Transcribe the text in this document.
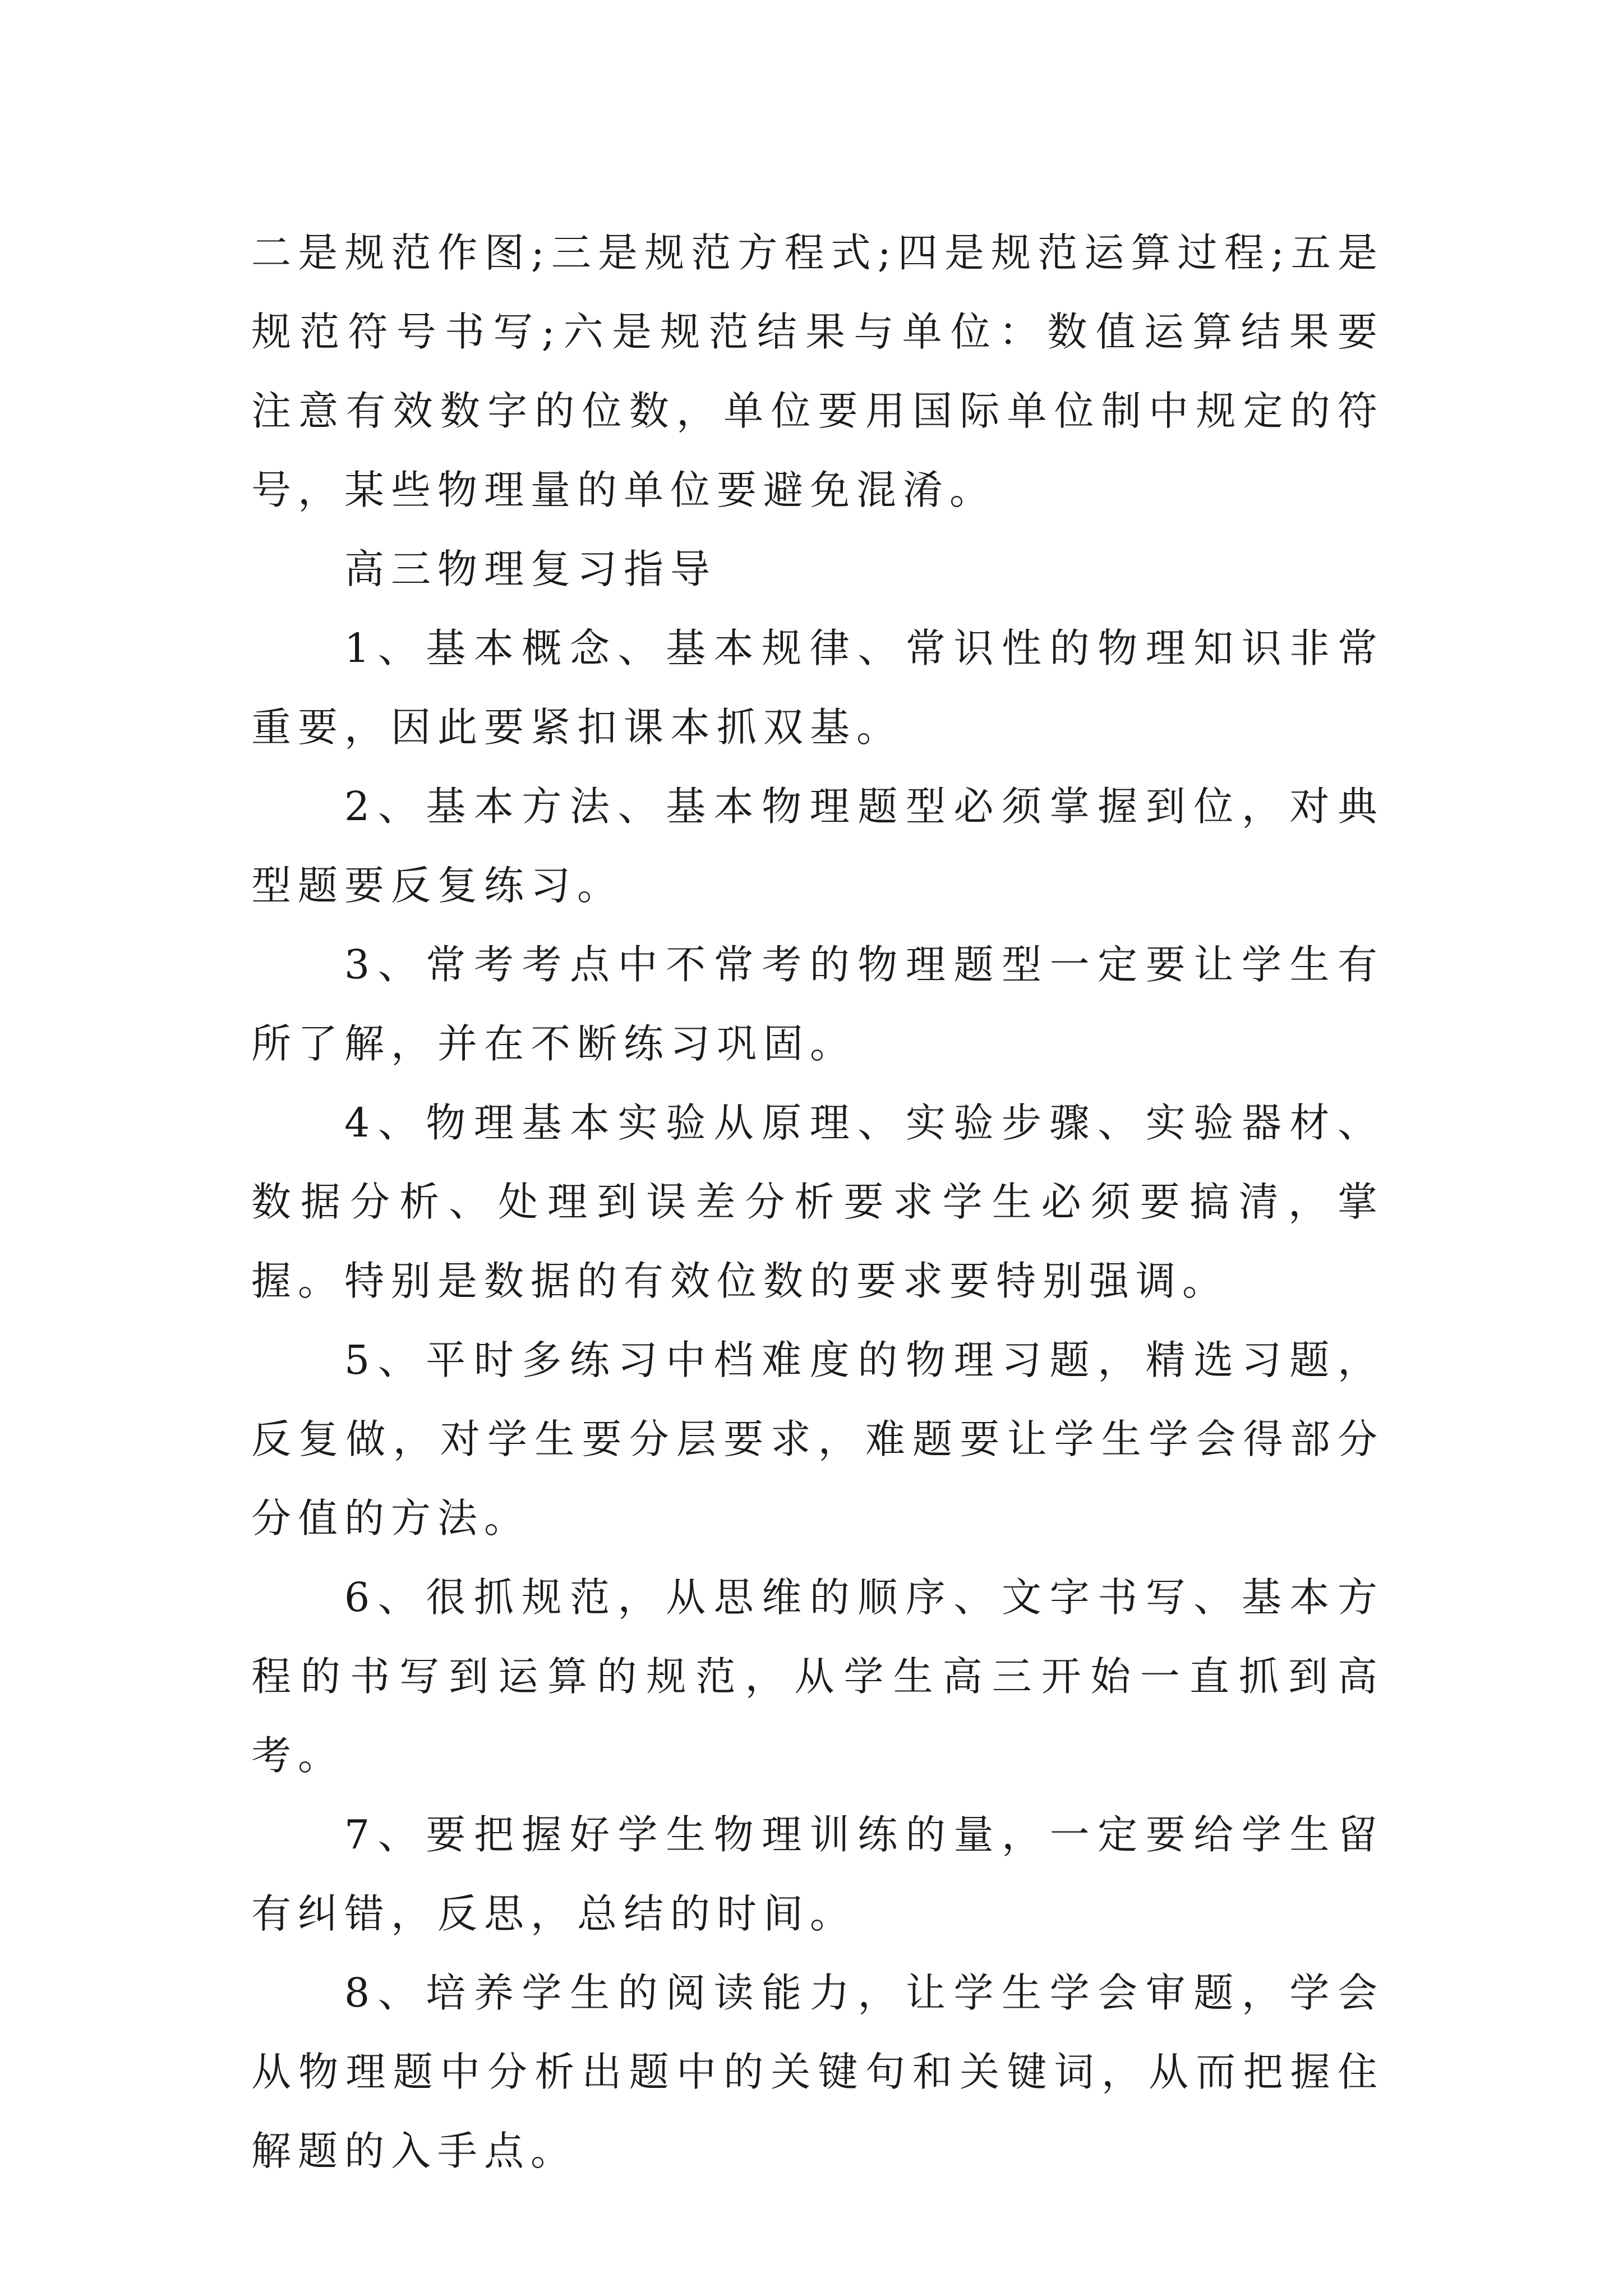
二是规范作图;三是规范方程式;四是规范运算过程;五是规范符号书写;六是规范结果与单位：数值运算结果要注意有效数字的位数，单位要用国际单位制中规定的符号，某些物理量的单位要避免混淆。

高三物理复习指导

1、基本概念、基本规律、常识性的物理知识非常重要，因此要紧扣课本抓双基。

2、基本方法、基本物理题型必须掌握到位，对典型题要反复练习。

3、常考考点中不常考的物理题型一定要让学生有所了解，并在不断练习巩固。

4、物理基本实验从原理、实验步骤、实验器材、数据分析、处理到误差分析要求学生必须要搞清，掌握。特别是数据的有效位数的要求要特别强调。

5、平时多练习中档难度的物理习题，精选习题，反复做，对学生要分层要求，难题要让学生学会得部分分值的方法。

6、很抓规范，从思维的顺序、文字书写、基本方程的书写到运算的规范，从学生高三开始一直抓到高考。

7、要把握好学生物理训练的量，一定要给学生留有纠错，反思，总结的时间。

8、培养学生的阅读能力，让学生学会审题，学会从物理题中分析出题中的关键句和关键词，从而把握住解题的入手点。
